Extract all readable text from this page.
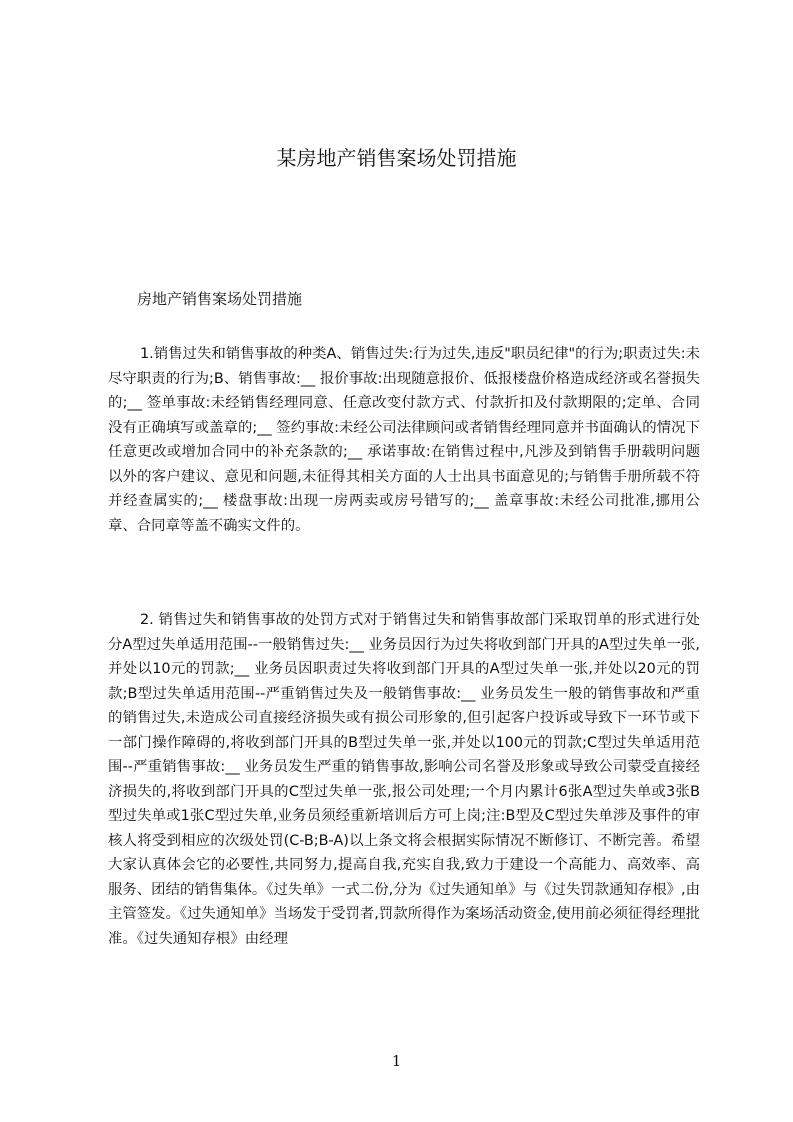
某房地产销售案场处罚措施
房地产销售案场处罚措施

1.销售过失和销售事故的种类A、销售过失:行为过失,违反"职员纪律"的行为;职责过失:未尽守职责的行为;B、销售事故:__ 报价事故:出现随意报价、低报楼盘价格造成经济或名誉损失的;__ 签单事故:未经销售经理同意、任意改变付款方式、付款折扣及付款期限的;定单、合同没有正确填写或盖章的;__ 签约事故:未经公司法律顾问或者销售经理同意并书面确认的情况下任意更改或增加合同中的补充条款的;__ 承诺事故:在销售过程中,凡涉及到销售手册载明问题以外的客户建议、意见和问题,未征得其相关方面的人士出具书面意见的;与销售手册所载不符并经查属实的;__ 楼盘事故:出现一房两卖或房号错写的;__ 盖章事故:未经公司批准,挪用公章、合同章等盖不确实文件的。

2. 销售过失和销售事故的处罚方式对于销售过失和销售事故部门采取罚单的形式进行处分A型过失单适用范围--一般销售过失:__ 业务员因行为过失将收到部门开具的A型过失单一张,并处以10元的罚款;__ 业务员因职责过失将收到部门开具的A型过失单一张,并处以20元的罚款;B型过失单适用范围--严重销售过失及一般销售事故:__ 业务员发生一般的销售事故和严重的销售过失,未造成公司直接经济损失或有损公司形象的,但引起客户投诉或导致下一环节或下一部门操作障碍的,将收到部门开具的B型过失单一张,并处以100元的罚款;C型过失单适用范围--严重销售事故:__ 业务员发生严重的销售事故,影响公司名誉及形象或导致公司蒙受直接经济损失的,将收到部门开具的C型过失单一张,报公司处理;一个月内累计6张A型过失单或3张B型过失单或1张C型过失单,业务员须经重新培训后方可上岗;注:B型及C型过失单涉及事件的审核人将受到相应的次级处罚(C-B;B-A)以上条文将会根据实际情况不断修订、不断完善。希望大家认真体会它的必要性,共同努力,提高自我,充实自我,致力于建设一个高能力、高效率、高服务、团结的销售集体。《过失单》一式二份,分为《过失通知单》与《过失罚款通知存根》,由主管签发。《过失通知单》当场发于受罚者,罚款所得作为案场活动资金,使用前必须征得经理批准。《过失通知存根》由经理

1
